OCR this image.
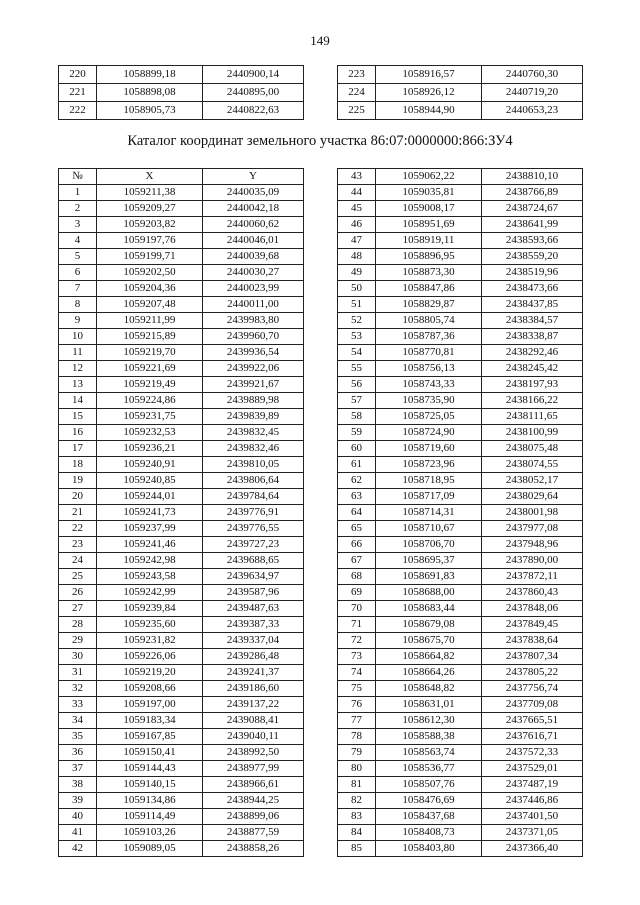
149
220	1058899,18	2440900,14
221	1058898,08	2440895,00
222	1058905,73	2440822,63
223	1058916,57	2440760,30
224	1058926,12	2440719,20
225	1058944,90	2440653,23
Каталог координат земельного участка 86:07:0000000:866:ЗУ4
№	X	Y
1	1059211,38	2440035,09
2	1059209,27	2440042,18
3	1059203,82	2440060,62
4	1059197,76	2440046,01
5	1059199,71	2440039,68
6	1059202,50	2440030,27
7	1059204,36	2440023,99
8	1059207,48	2440011,00
9	1059211,99	2439983,80
10	1059215,89	2439960,70
11	1059219,70	2439936,54
12	1059221,69	2439922,06
13	1059219,49	2439921,67
14	1059224,86	2439889,98
15	1059231,75	2439839,89
16	1059232,53	2439832,45
17	1059236,21	2439832,46
18	1059240,91	2439810,05
19	1059240,85	2439806,64
20	1059244,01	2439784,64
21	1059241,73	2439776,91
22	1059237,99	2439776,55
23	1059241,46	2439727,23
24	1059242,98	2439688,65
25	1059243,58	2439634,97
26	1059242,99	2439587,96
27	1059239,84	2439487,63
28	1059235,60	2439387,33
29	1059231,82	2439337,04
30	1059226,06	2439286,48
31	1059219,20	2439241,37
32	1059208,66	2439186,60
33	1059197,00	2439137,22
34	1059183,34	2439088,41
35	1059167,85	2439040,11
36	1059150,41	2438992,50
37	1059144,43	2438977,99
38	1059140,15	2438966,61
39	1059134,86	2438944,25
40	1059114,49	2438899,06
41	1059103,26	2438877,59
42	1059089,05	2438858,26
43	1059062,22	2438810,10
44	1059035,81	2438766,89
45	1059008,17	2438724,67
46	1058951,69	2438641,99
47	1058919,11	2438593,66
48	1058896,95	2438559,20
49	1058873,30	2438519,96
50	1058847,86	2438473,66
51	1058829,87	2438437,85
52	1058805,74	2438384,57
53	1058787,36	2438338,87
54	1058770,81	2438292,46
55	1058756,13	2438245,42
56	1058743,33	2438197,93
57	1058735,90	2438166,22
58	1058725,05	2438111,65
59	1058724,90	2438100,99
60	1058719,60	2438075,48
61	1058723,96	2438074,55
62	1058718,95	2438052,17
63	1058717,09	2438029,64
64	1058714,31	2438001,98
65	1058710,67	2437977,08
66	1058706,70	2437948,96
67	1058695,37	2437890,00
68	1058691,83	2437872,11
69	1058688,00	2437860,43
70	1058683,44	2437848,06
71	1058679,08	2437849,45
72	1058675,70	2437838,64
73	1058664,82	2437807,34
74	1058664,26	2437805,22
75	1058648,82	2437756,74
76	1058631,01	2437709,08
77	1058612,30	2437665,51
78	1058588,38	2437616,71
79	1058563,74	2437572,33
80	1058536,77	2437529,01
81	1058507,76	2437487,19
82	1058476,69	2437446,86
83	1058437,68	2437401,50
84	1058408,73	2437371,05
85	1058403,80	2437366,40
